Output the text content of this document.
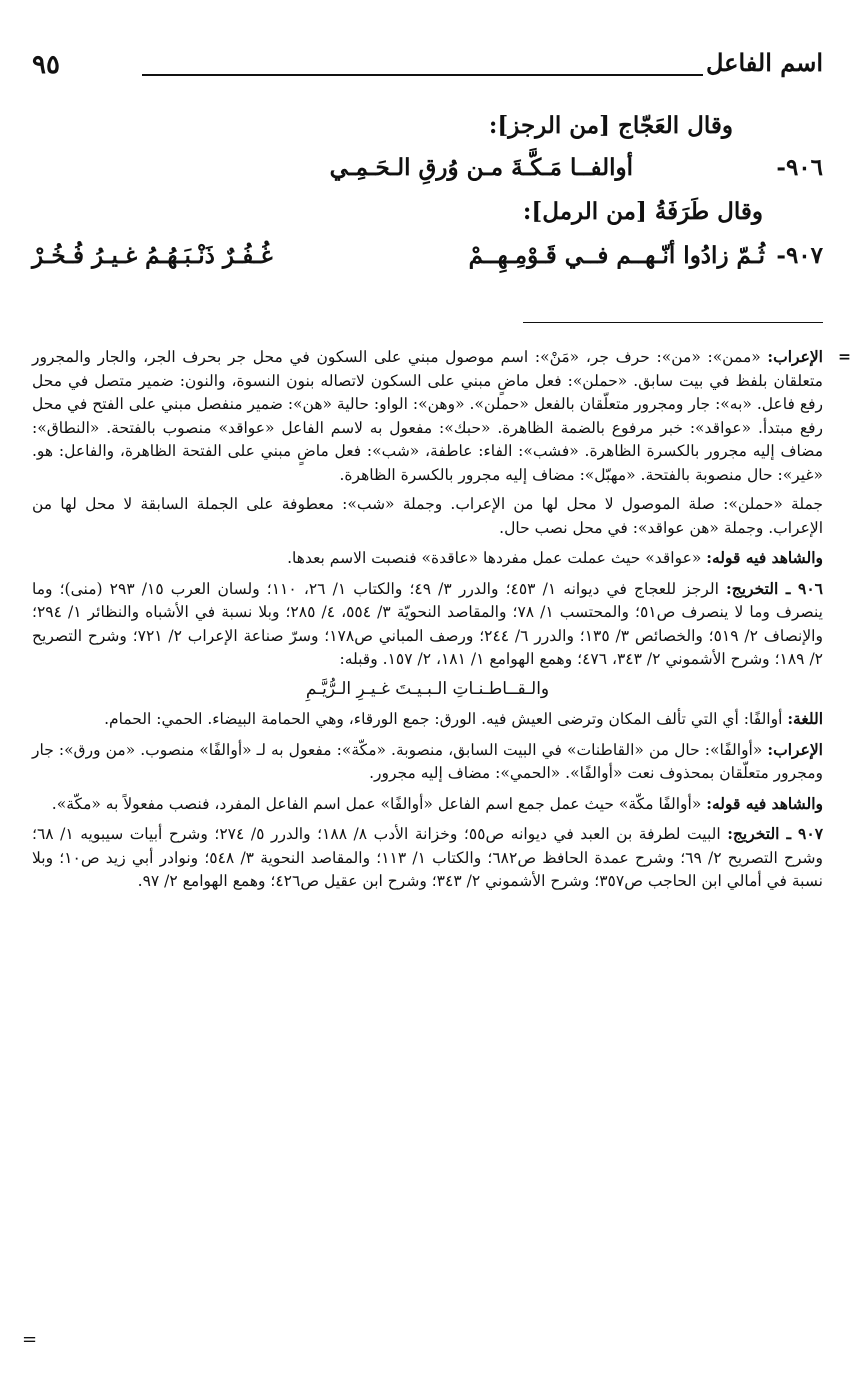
اسم الفاعل
٩٥
وقال العَجّاج [من الرجز]:
٩٠٦-
أوالفــا مَـكَّـةَ مـن وُرقِ الـحَـمِـي
وقال طَرَفَةُ [من الرمل]:
٩٠٧-
ثُـمّ زادُوا أنّـهــم فــي قَـوْمِـهِــمْ
غُـفُـرٌ ذَنْـبَـهُـمُ غـيـرُ فُـخُـرْ

=
الإعراب: «ممن»: «من»: حرف جر، «مَنْ»: اسم موصول مبني على السكون في محل جر بحرف الجر، والجار والمجرور متعلقان بلفظ في بيت سابق. «حملن»: فعل ماضٍ مبني على السكون لاتصاله بنون النسوة، والنون: ضمير متصل في محل رفع فاعل. «به»: جار ومجرور متعلّقان بالفعل «حملن». «وهن»: الواو: حالية «هن»: ضمير منفصل مبني على الفتح في محل رفع مبتدأ. «عواقد»: خبر مرفوع بالضمة الظاهرة. «حبك»: مفعول به لاسم الفاعل «عواقد» منصوب بالفتحة. «النطاق»: مضاف إليه مجرور بالكسرة الظاهرة. «فشب»: الفاء: عاطفة، «شب»: فعل ماضٍ مبني على الفتحة الظاهرة، والفاعل: هو. «غير»: حال منصوبة بالفتحة. «مهبّل»: مضاف إليه مجرور بالكسرة الظاهرة.

جملة «حملن»: صلة الموصول لا محل لها من الإعراب. وجملة «شب»: معطوفة على الجملة السابقة لا محل لها من الإعراب. وجملة «هن عواقد»: في محل نصب حال.

والشاهد فيه قوله: «عواقد» حيث عملت عمل مفردها «عاقدة» فنصبت الاسم بعدها.

٩٠٦ ـ التخريج: الرجز للعجاج في ديوانه ١/ ٤٥٣؛ والدرر ٣/ ٤٩؛ والكتاب ١/ ٢٦، ١١٠؛ ولسان العرب ١٥/ ٢٩٣ (منى)؛ وما ينصرف وما لا ينصرف ص٥١؛ والمحتسب ١/ ٧٨؛ والمقاصد النحويّة ٣/ ٥٥٤، ٤/ ٢٨٥؛ وبلا نسبة في الأشباه والنظائر ١/ ٢٩٤؛ والإنصاف ٢/ ٥١٩؛ والخصائص ٣/ ١٣٥؛ والدرر ٦/ ٢٤٤؛ ورصف المباني ص١٧٨؛ وسرّ صناعة الإعراب ٢/ ٧٢١؛ وشرح التصريح ٢/ ١٨٩؛ وشرح الأشموني ٢/ ٣٤٣، ٤٧٦؛ وهمع الهوامع ١/ ١٨١، ٢/ ١٥٧. وقبله:

والـقــاطـنـاتِ الـبـيـتَ غـيـرِ الـرُّيَّـمِ

اللغة: أوالفًا: أي التي تألف المكان وترضى العيش فيه. الورق: جمع الورقاء، وهي الحمامة البيضاء. الحمي: الحمام.

الإعراب: «أوالفًا»: حال من «القاطنات» في البيت السابق، منصوبة. «مكّة»: مفعول به لـ «أوالفًا» منصوب. «من ورق»: جار ومجرور متعلّقان بمحذوف نعت «أوالفًا». «الحمي»: مضاف إليه مجرور.

والشاهد فيه قوله: «أوالفًا مكّة» حيث عمل جمع اسم الفاعل «أوالفًا» عمل اسم الفاعل المفرد، فنصب مفعولاً به «مكّة».

٩٠٧ ـ التخريج: البيت لطرفة بن العبد في ديوانه ص٥٥؛ وخزانة الأدب ٨/ ١٨٨؛ والدرر ٥/ ٢٧٤؛ وشرح أبيات سيبويه ١/ ٦٨؛ وشرح التصريح ٢/ ٦٩؛ وشرح عمدة الحافظ ص٦٨٢؛ والكتاب ١/ ١١٣؛ والمقاصد النحوية ٣/ ٥٤٨؛ ونوادر أبي زيد ص١٠؛ وبلا نسبة في أمالي ابن الحاجب ص٣٥٧؛ وشرح الأشموني ٢/ ٣٤٣؛ وشرح ابن عقيل ص٤٢٦؛ وهمع الهوامع ٢/ ٩٧.

=
